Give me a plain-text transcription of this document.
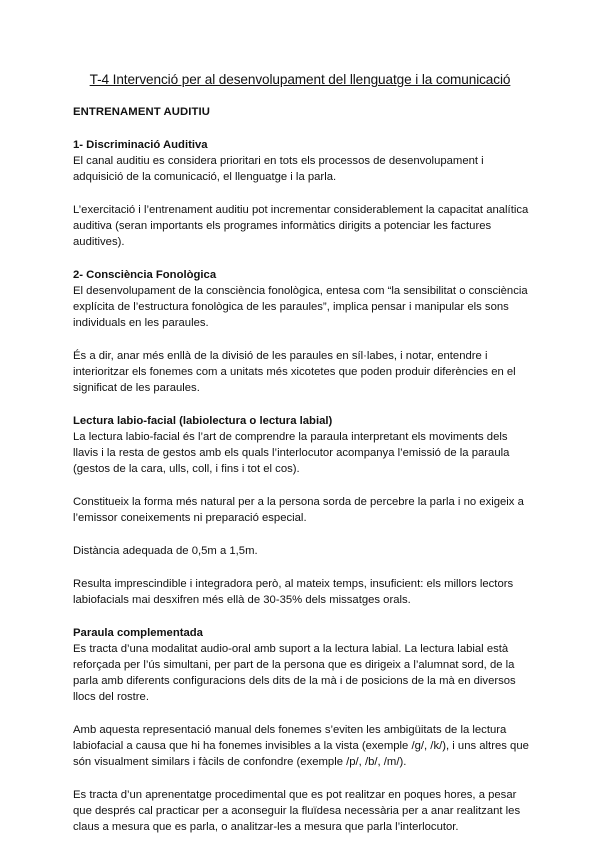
T-4 Intervenció per al desenvolupament del llenguatge i la comunicació
ENTRENAMENT AUDITIU

1- Discriminació Auditiva
El canal auditiu es considera prioritari en tots els processos de desenvolupament i adquisició de la comunicació, el llenguatge i la parla.

L’exercitació i l’entrenament auditiu pot incrementar considerablement la capacitat analítica auditiva (seran importants els programes informàtics dirigits a potenciar les factures auditives).

2- Consciència Fonològica
El desenvolupament de la consciència fonològica, entesa com “la sensibilitat o consciència explícita de l’estructura fonològica de les paraules”, implica pensar i manipular els sons individuals en les paraules.

És a dir, anar més enllà de la divisió de les paraules en síl·labes, i notar, entendre i interioritzar els fonemes com a unitats més xicotetes que poden produir diferències en el significat de les paraules.

Lectura labio-facial (labiolectura o lectura labial)
La lectura labio-facial és l’art de comprendre la paraula interpretant els moviments dels llavis i la resta de gestos amb els quals l’interlocutor acompanya l’emissió de la paraula (gestos de la cara, ulls, coll, i fins i tot el cos).

Constitueix la forma més natural per a la persona sorda de percebre la parla i no exigeix a l’emissor coneixements ni preparació especial.

Distància adequada de 0,5m a 1,5m.

Resulta imprescindible i integradora però, al mateix temps, insuficient: els millors lectors labiofacials mai desxifren més ellà de 30-35% dels missatges orals.

Paraula complementada
Es tracta d’una modalitat audio-oral amb suport a la lectura labial. La lectura labial està reforçada per l’ús simultani, per part de la persona que es dirigeix a l’alumnat sord, de la parla amb diferents configuracions dels dits de la mà i de posicions de la mà en diversos llocs del rostre.

Amb aquesta representació manual dels fonemes s’eviten les ambigüitats de la lectura labiofacial a causa que hi ha fonemes invisibles a la vista (exemple /g/, /k/), i uns altres que són visualment similars i fàcils de confondre (exemple /p/, /b/, /m/).

Es tracta d’un aprenentatge procedimental que es pot realitzar en poques hores, a pesar que després cal practicar per a aconseguir la fluïdesa necessària per a anar realitzant les claus a mesura que es parla, o analitzar-les a mesura que parla l’interlocutor.
